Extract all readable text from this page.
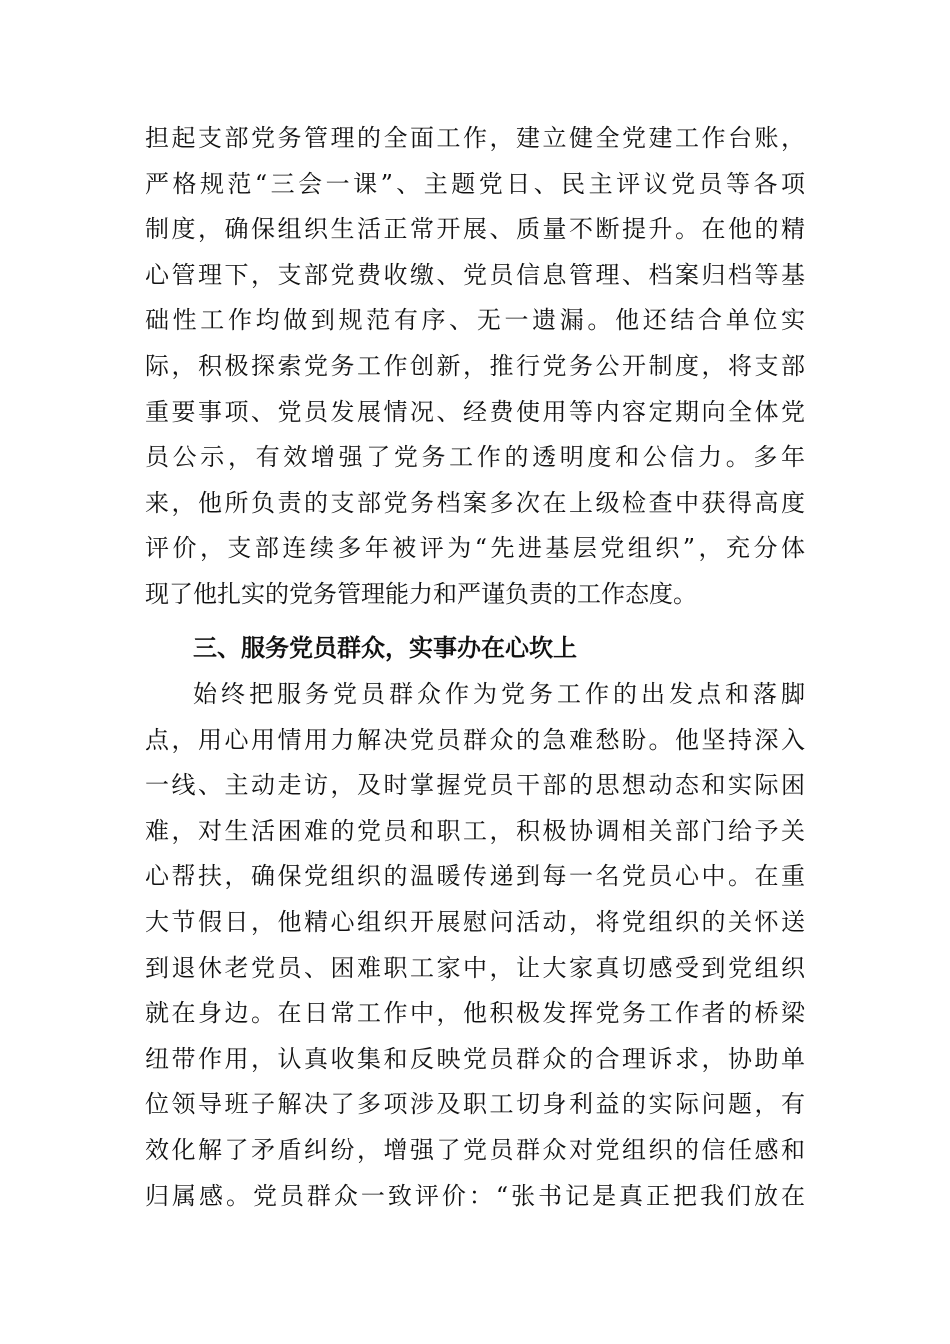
担起支部党务管理的全面工作，建立健全党建工作台账，
严格规范“三会一课”、主题党日、民主评议党员等各项
制度，确保组织生活正常开展、质量不断提升。在他的精
心管理下，支部党费收缴、党员信息管理、档案归档等基
础性工作均做到规范有序、无一遗漏。他还结合单位实
际，积极探索党务工作创新，推行党务公开制度，将支部
重要事项、党员发展情况、经费使用等内容定期向全体党
员公示，有效增强了党务工作的透明度和公信力。多年
来，他所负责的支部党务档案多次在上级检查中获得高度
评价，支部连续多年被评为“先进基层党组织”，充分体
现了他扎实的党务管理能力和严谨负责的工作态度。
三、服务党员群众，实事办在心坎上
始终把服务党员群众作为党务工作的出发点和落脚
点，用心用情用力解决党员群众的急难愁盼。他坚持深入
一线、主动走访，及时掌握党员干部的思想动态和实际困
难，对生活困难的党员和职工，积极协调相关部门给予关
心帮扶，确保党组织的温暖传递到每一名党员心中。在重
大节假日，他精心组织开展慰问活动，将党组织的关怀送
到退休老党员、困难职工家中，让大家真切感受到党组织
就在身边。在日常工作中，他积极发挥党务工作者的桥梁
纽带作用，认真收集和反映党员群众的合理诉求，协助单
位领导班子解决了多项涉及职工切身利益的实际问题，有
效化解了矛盾纠纷，增强了党员群众对党组织的信任感和
归属感。党员群众一致评价：“张书记是真正把我们放在
